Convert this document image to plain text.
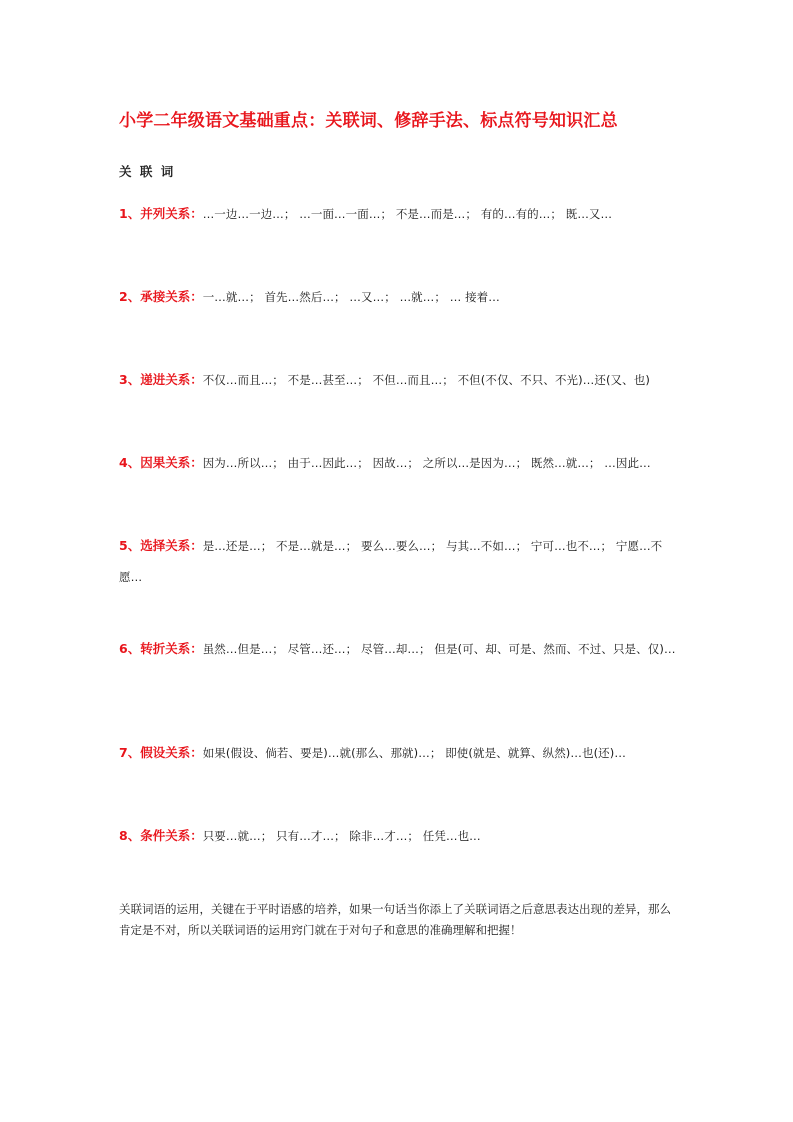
小学二年级语文基础重点：关联词、修辞手法、标点符号知识汇总
关 联 词
1、并列关系：…一边…一边…； …一面…一面…； 不是…而是…； 有的…有的…； 既…又…
2、承接关系：一…就…； 首先…然后…； …又…； …就…； … 接着…
3、递进关系：不仅…而且…； 不是…甚至…； 不但…而且…； 不但(不仅、不只、不光)…还(又、也)
4、因果关系：因为…所以…； 由于…因此…； 因故…； 之所以…是因为…； 既然…就…； …因此…
5、选择关系：是…还是…； 不是…就是…； 要么…要么…； 与其…不如…； 宁可…也不…； 宁愿…不愿…
6、转折关系：虽然…但是…； 尽管…还…； 尽管…却…； 但是(可、却、可是、然而、不过、只是、仅)…
7、假设关系：如果(假设、倘若、要是)…就(那么、那就)…； 即使(就是、就算、纵然)…也(还)…
8、条件关系：只要…就…； 只有…才…； 除非…才…； 任凭…也…
关联词语的运用，关键在于平时语感的培养，如果一句话当你添上了关联词语之后意思表达出现的差异，那么肯定是不对，所以关联词语的运用窍门就在于对句子和意思的准确理解和把握！
